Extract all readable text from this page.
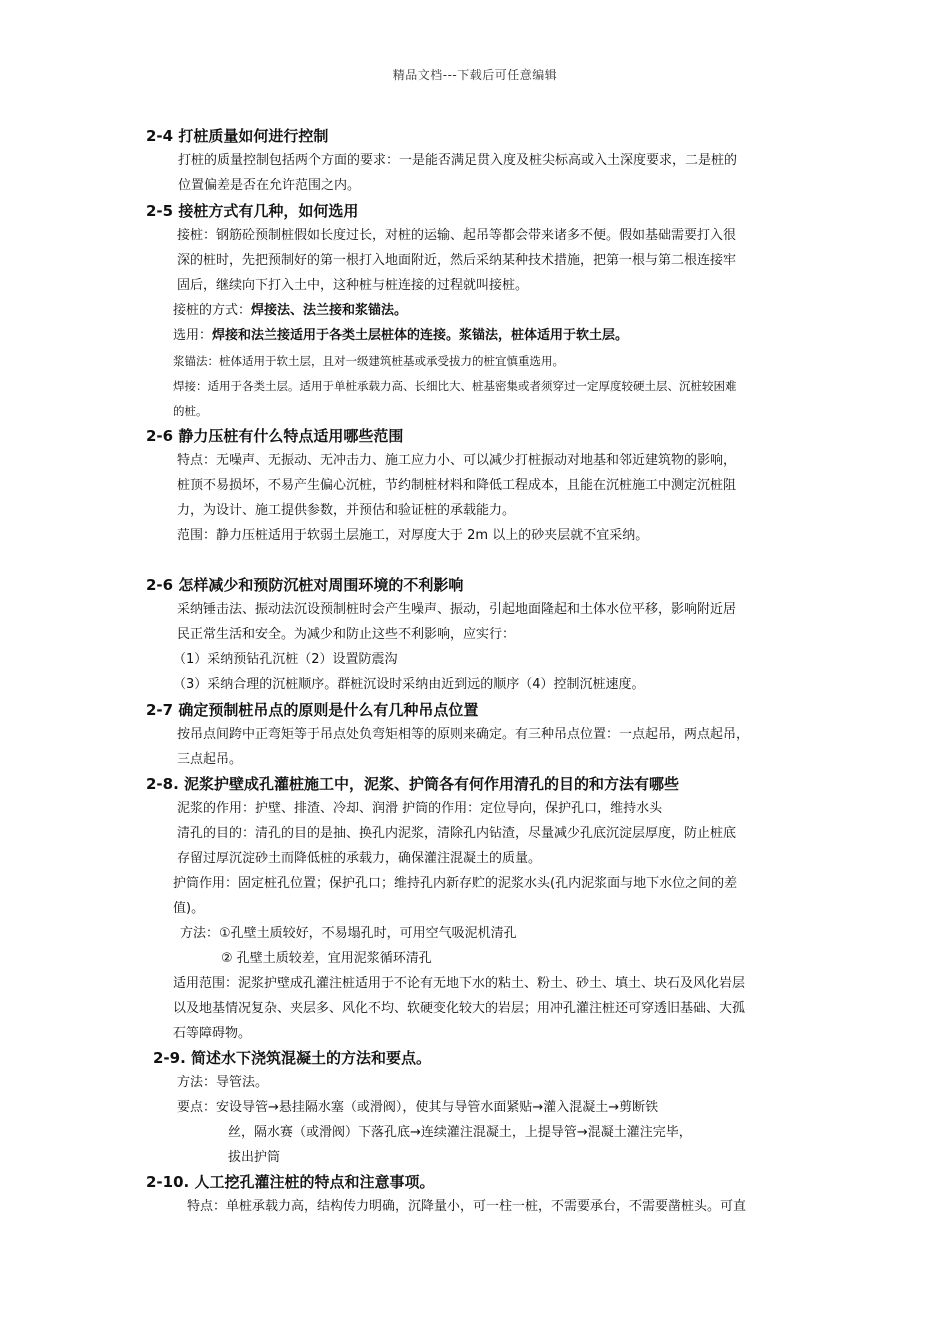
精品文档---下载后可任意编辑
2-4 打桩质量如何进行控制
打桩的质量控制包括两个方面的要求：一是能否满足贯入度及桩尖标高或入土深度要求，二是桩的
位置偏差是否在允许范围之内。
2-5 接桩方式有几种，如何选用
接桩：钢筋砼预制桩假如长度过长，对桩的运输、起吊等都会带来诸多不便。假如基础需要打入很
深的桩时，先把预制好的第一根打入地面附近，然后采纳某种技术措施，把第一根与第二根连接牢
固后，继续向下打入土中，这种桩与桩连接的过程就叫接桩。
接桩的方式：焊接法、法兰接和浆锚法。
选用：焊接和法兰接适用于各类土层桩体的连接。浆锚法，桩体适用于软土层。
浆锚法：桩体适用于软土层，且对一级建筑桩基或承受拔力的桩宜慎重选用。
焊接：适用于各类土层。适用于单桩承载力高、长细比大、桩基密集或者须穿过一定厚度较硬土层、沉桩较困难
的桩。
2-6 静力压桩有什么特点适用哪些范围
特点：无噪声、无振动、无冲击力、施工应力小、可以减少打桩振动对地基和邻近建筑物的影响，
桩顶不易损坏，不易产生偏心沉桩，节约制桩材料和降低工程成本，且能在沉桩施工中测定沉桩阻
力，为设计、施工提供参数，并预估和验证桩的承载能力。
范围：静力压桩适用于软弱土层施工，对厚度大于 2m 以上的砂夹层就不宜采纳。
2-6 怎样减少和预防沉桩对周围环境的不利影响
采纳锤击法、振动法沉设预制桩时会产生噪声、振动，引起地面隆起和土体水位平移，影响附近居
民正常生活和安全。为减少和防止这些不利影响，应实行：
（1）采纳预钻孔沉桩（2）设置防震沟
（3）采纳合理的沉桩顺序。群桩沉设时采纳由近到远的顺序（4）控制沉桩速度。
2-7 确定预制桩吊点的原则是什么有几种吊点位置
按吊点间跨中正弯矩等于吊点处负弯矩相等的原则来确定。有三种吊点位置：一点起吊，两点起吊，
三点起吊。
2-8. 泥浆护壁成孔灌桩施工中，泥浆、护筒各有何作用清孔的目的和方法有哪些
泥浆的作用：护壁、排渣、冷却、润滑 护筒的作用：定位导向，保护孔口，维持水头
清孔的目的：清孔的目的是抽、换孔内泥浆，清除孔内钻渣，尽量减少孔底沉淀层厚度，防止桩底
存留过厚沉淀砂土而降低桩的承载力，确保灌注混凝土的质量。
护筒作用：固定桩孔位置；保护孔口；维持孔内新存贮的泥浆水头(孔内泥浆面与地下水位之间的差
值)。
方法：①孔壁土质较好，不易塌孔时，可用空气吸泥机清孔
② 孔壁土质较差，宜用泥浆循环清孔
适用范围：泥浆护壁成孔灌注桩适用于不论有无地下水的粘土、粉土、砂土、填土、块石及风化岩层
以及地基情况复杂、夹层多、风化不均、软硬变化较大的岩层；用冲孔灌注桩还可穿透旧基础、大孤
石等障碍物。
2-9. 简述水下浇筑混凝土的方法和要点。
方法：导管法。
要点：安设导管→悬挂隔水塞（或滑阀），使其与导管水面紧贴→灌入混凝土→剪断铁
丝，隔水赛（或滑阀）下落孔底→连续灌注混凝土，上提导管→混凝土灌注完毕，
拔出护筒
2-10. 人工挖孔灌注桩的特点和注意事项。
特点：单桩承载力高，结构传力明确，沉降量小，可一柱一桩，不需要承台，不需要凿桩头。可直
